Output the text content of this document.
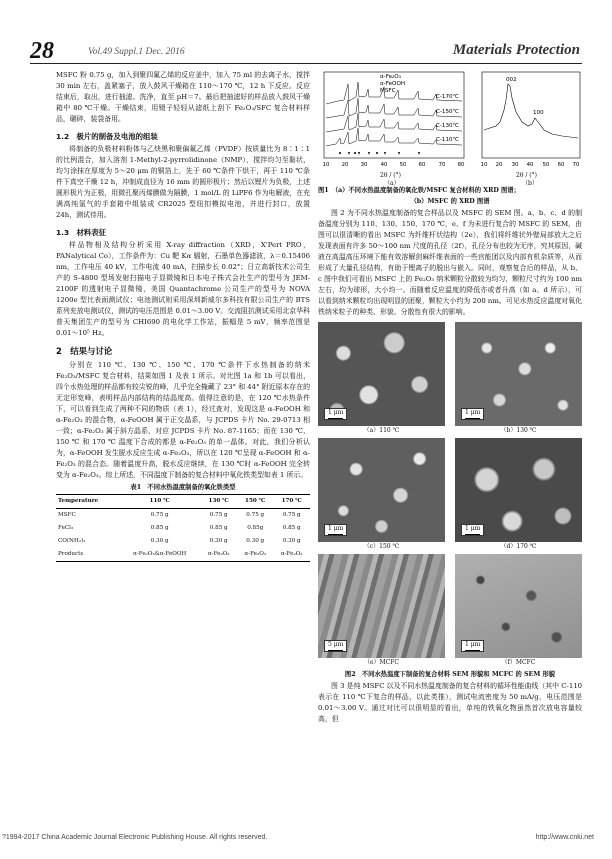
28	Vol.49 Suppl.1 Dec. 2016	Materials Protection

MSFC 粉 0.75 g，加入到聚四氟乙烯的反应釜中，加入 75 ml 的去离子水，搅拌 30 min 左右，盖紧塞子，放入鼓风干燥箱在 110～170 ℃，12 h 下反应。反应结束后，取出，进行抽滤、洗净，直至 pH＝7。最后把抽滤好的样品放入鼓风干燥箱中 80 ℃干燥。干燥结束，用镊子轻轻从滤纸上刮下 Fe₂O₃/SFC 复合材料样品，碾碎，装袋备用。

1.2　极片的制备及电池的组装

将制备的负极材料粉体与乙炔黑和聚偏氟乙烯（PVDF）按质量比为 8∶1∶1 的比例混合，加入溶剂 1-Methyl-2-pyrrolidinone（NMP），搅拌均匀至黏状，均匀涂抹在厚度为 5～20 μm 的铜箔上，先于 60 ℃条件下烘干，再于 110 ℃条件下真空干燥 12 h，冲制成直径为 16 mm 的圆形极片；然后以锂片为负极，上述圆形极片为正极，用微孔聚丙烯膜做为隔膜，1 mol/L 的 LiPF6 作为电解液，在充满高纯氩气的手套箱中组装成 CR2025 型纽扣模拟电池，并进行封口，放置 24h，测试待用。

1.3　材料表征

样品物相及结构分析采用 X-ray diffraction（XRD，X'Pert PRO，PANalytical Co），工作条件为：Cu 靶 Kα 辐射，石墨单色器滤波，λ＝0.15406 nm，工作电压 40 kV，工作电流 40 mA，扫描步长 0.02°；日立高新技术公司生产的 S-4800 型场发射扫描电子显微镜和日本电子株式会社生产的型号为 JEM-2100F 的透射电子显微镜，美国 Quantachrome 公司生产的型号为 NOVA 1200e 型比表面测试仪；电池测试则采用深圳新威尔多科技有限公司生产的 BTS 系列充放电测试仪，测试的电压范围是 0.01～3.00 V。交流阻抗测试采用北京华科普天集团生产的型号为 CHI690 的电化学工作站，振幅是 5 mV，频率范围是 0.01～10⁵ Hz。

2　结果与讨论

分别在 110 ℃、130 ℃、150 ℃、170 ℃条件下水热制备的纳米 Fe₂O₃/MSFC 复合材料，结果如图 1 及表 1 所示。对比图 1a 和 1b 可以看出，四个水热处理的样品都有较尖锐的峰，几乎完全掩藏了 23° 和 44° 附近原本存在的无定形宽峰，表明样品内部结构的结晶度高。值得注意的是，在 120 ℃水热条件下，可以看到生成了两种不同的物质（表 1），经过查对，发现这是 α-FeOOH 和 α-Fe₂O₃ 的混合物，α-FeOOH 属于正交晶系，与 JCPDS 卡片 No. 29-0713 相一致；α-Fe₂O₃ 属于斜方晶系，对应 JCPDS 卡片 No. 87-1165；而在 130 ℃、150 ℃ 和 170 ℃ 温度下合成的都是 α-Fe₂O₃ 的单一晶体。对此，我们分析认为，α-FeOOH 发生脱水反应生成 α-Fe₂O₃，所以在 120 ℃呈现 α-FeOOH 和 α-Fe₂O₃ 的混合态。随着温度升高，脱水反应继续，在 130 ℃时 α-FeOOH 完全转变为 α-Fe₂O₃。综上所述，不同温度下制备的复合材料中氧化铁类型如表 1 所示。

表1　不同水热温度制备的氧化铁类型
Temperature	110 ℃	130 ℃	150 ℃	170 ℃
MSFC	0.75 g	0.75 g	0.75 g	0.75 g
FeCl₃	0.85 g	0.85 g	0.85g	0.85 g
CO(NH₂)₂	0.30 g	0.30 g	0.30 g	0.30 g
Products	α-Fe₂O₃&α-FeOOH	α-Fe₂O₃	α-Fe₂O₃	α-Fe₂O₃
α-Fe₂O₃
α-FeOOH
MSFC
C-170℃
C-150℃
C-130℃
C-110℃
10 20 30 40 50 60 70 80
2θ / (°)
（a）
002
100
10 20 30 40 50 60 70
2θ / (°)
（b）
图1　（a）不同水热温度制备的氧化铁/MSFC 复合材料的 XRD 图谱；
（b）MSFC 的 XRD 图谱

图 2 为不同水热温度制备的复合样品以及 MSFC 的 SEM 图。a、b、c、d 的制备温度分别为 110、130、150、170 ℃，e、f 为未进行复合的 MSFC 的 SEM，由图可以很清晰的看出 MSFC 为纤维杆状结构（2e），我们将纤维状外壁局部放大之后发现表面有许多 50～100 nm 尺度的孔径（2f），孔径分布也较为无序，究其原因，碱液在高温高压环境下能有效溶解剑麻纤维表面的一些官能团以及内部有机杂质等，从而形成了大量孔径结构，有助于锂离子的脱出与嵌入。同时，观察复合后的样品，从 b、c 图中我们可看出 MSFC 上的 Fe₂O₃ 纳米颗粒分散较为均匀，颗粒尺寸约为 100 nm 左右，均为球形，大小均一。而随着反应温度的降低亦或者升高（如 a、d 所示），可以看到纳米颗粒均出现明显的团聚，颗粒大小约为 200 nm。可见水热反应温度对氧化铁纳米粒子的种类、形貌、分散性有很大的影响。

1 μm
（a）110 ℃
1 μm
（b）130 ℃
1 μm
（c）150 ℃
1 μm
（d）170 ℃
5 μm
（e）MCFC
1 μm
（f）MCFC
图2　不同水热温度下制备的复合材料 SEM 形貌和 MCFC 的 SEM 形貌

图 3 是纯 MSFC 以及不同水热温度制备的复合材料的循环性能曲线（其中 C-110 表示在 110 ℃下复合的样品，以此类推），测试电流密度为 50 mA/g，电压范围是 0.01～3.00 V。通过对比可以很明显的看出，单纯的铁氧化物虽然首次放电容量较高，但

?1994-2017 China Academic Journal Electronic Publishing House. All rights reserved.	http://www.cnki.net
